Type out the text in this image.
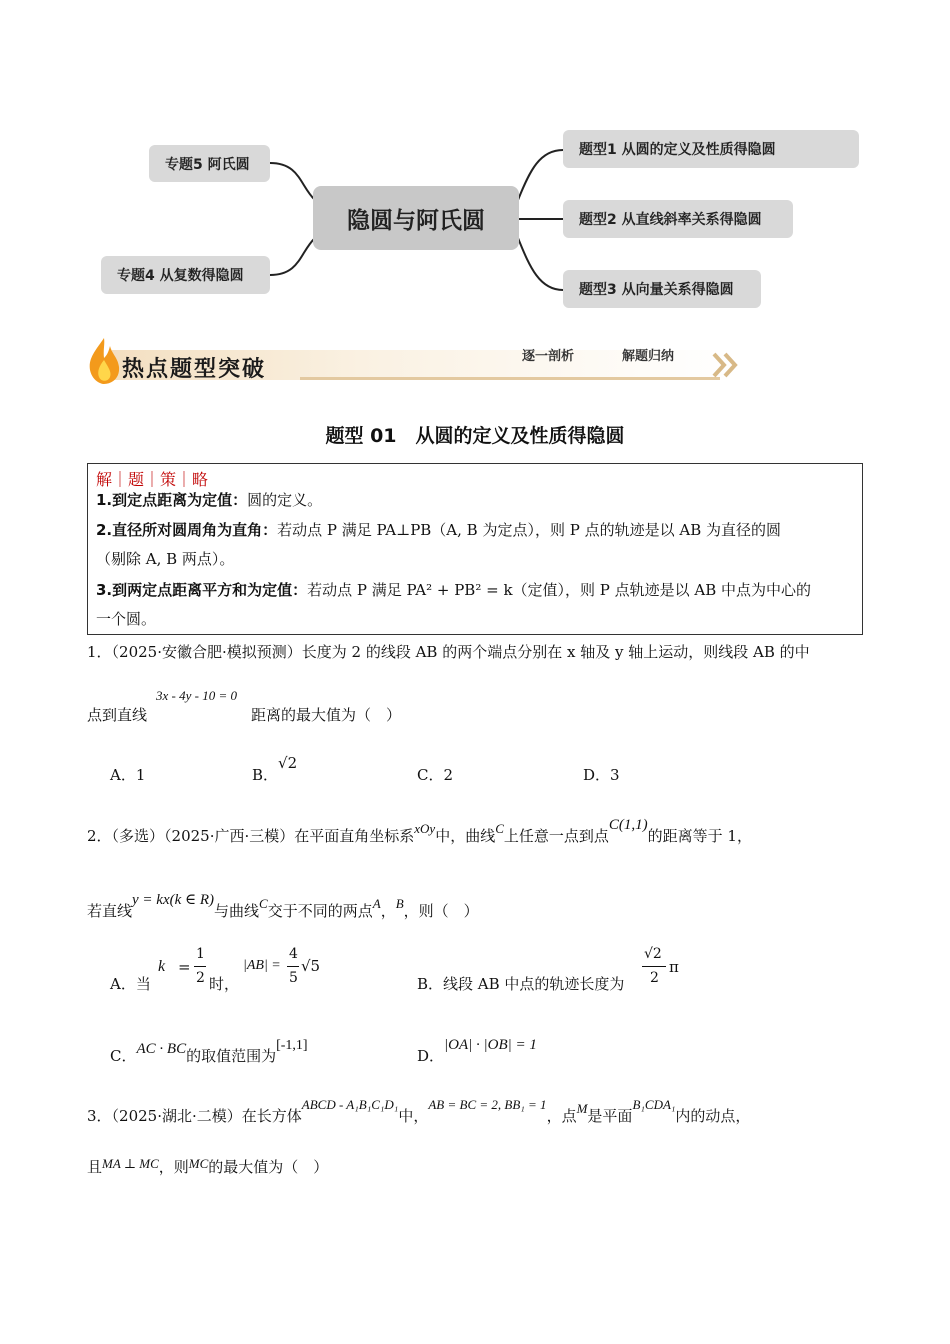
隐圆与阿氏圆
专题5 阿氏圆
专题4 从复数得隐圆
题型1 从圆的定义及性质得隐圆
题型2 从直线斜率关系得隐圆
题型3 从向量关系得隐圆
热点题型突破	逐一剖析	解题归纳
题型 01　从圆的定义及性质得隐圆
解｜题｜策｜略
1.到定点距离为定值：圆的定义。
2.直径所对圆周角为直角：若动点 P 满足 PA⊥PB（A, B 为定点），则 P 点的轨迹是以 AB 为直径的圆
（剔除 A, B 两点）。
3.到两定点距离平方和为定值：若动点 P 满足 PA² + PB² = k（定值），则 P 点轨迹是以 AB 中点为中心的
一个圆。
1．（2025·安徽合肥·模拟预测）长度为 2 的线段 AB 的两个端点分别在 x 轴及 y 轴上运动，则线段 AB 的中
点到直线
3x - 4y - 10 = 0
距离的最大值为（　）
A．1	B．√2
C．2	D．3
2．（多选）（2025·广西·三模）在平面直角坐标系xOy中，曲线C上任意一点到点C(1,1)的距离等于 1，
若直线y = kx(k ∈ R)与曲线C交于不同的两点A，B，则（　）
A．当
k =
1
2 时，
|AB| =
4
5
√5
B．线段 AB 中点的轨迹长度为
√2
2
π
C．AC · BC的取值范围为[-1,1]
D．|OA| · |OB| = 1
3．（2025·湖北·二模）在长方体ABCD - A₁B₁C₁D₁中，AB = BC = 2, BB₁ = 1，点M是平面B₁CDA₁内的动点，
且MA ⊥ MC，则MC的最大值为（　）
